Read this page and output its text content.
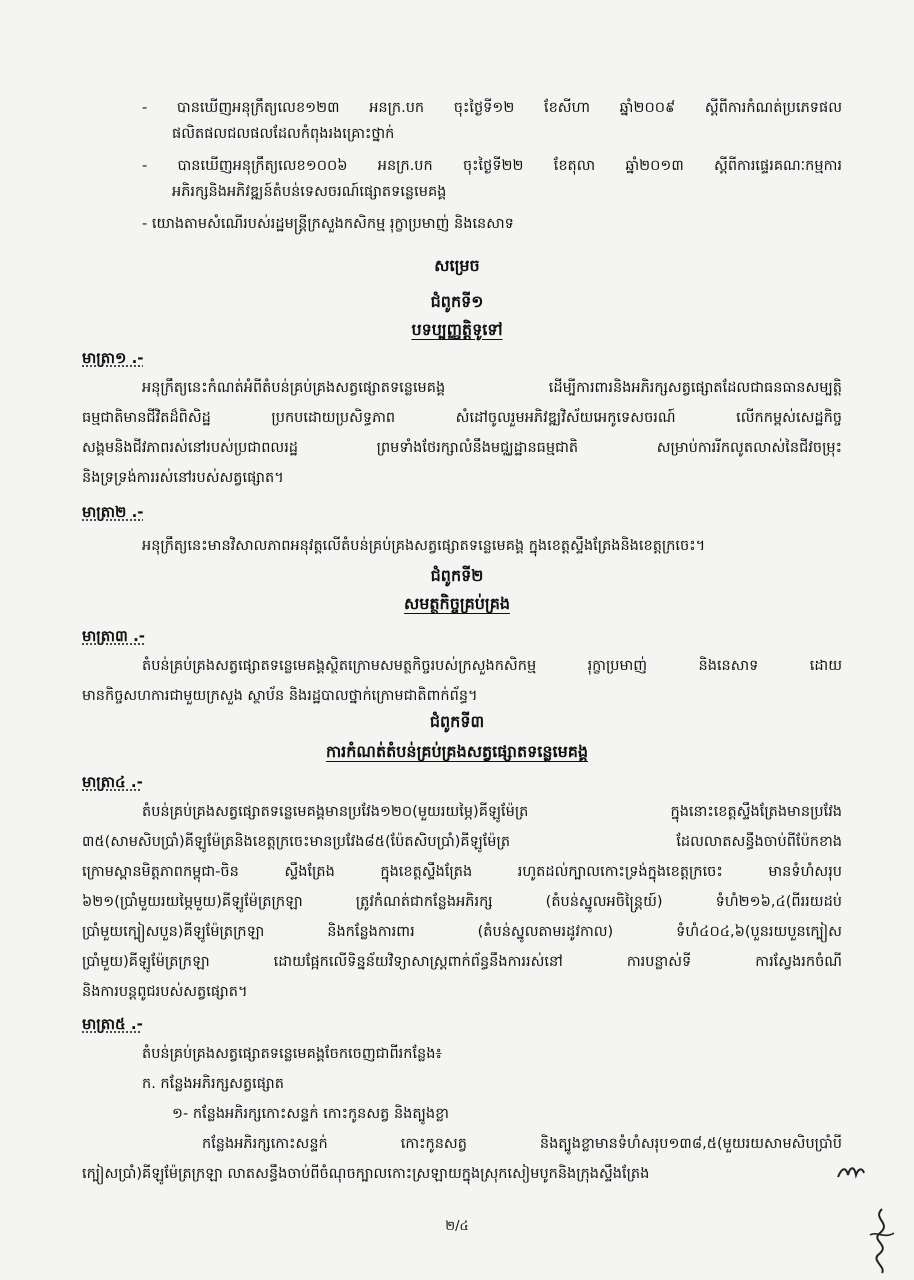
- បានឃើញអនុក្រឹត្យលេខ១២៣ អនក្រ.បក ចុះថ្ងៃទី១២ ខែសីហា ឆ្នាំ២០០៩ ស្ដីពីការកំណត់ប្រភេទផល
ផលិតផលជលផលដែលកំពុងរងគ្រោះថ្នាក់
- បានឃើញអនុក្រឹត្យលេខ១០០៦ អនក្រ.បក ចុះថ្ងៃទី២២ ខែតុលា ឆ្នាំ២០១៣ ស្ដីពីការផ្ទេរគណៈកម្មការ
អភិរក្សនិងអភិវឌ្ឍន៍តំបន់ទេសចរណ៍ផ្សោតទន្លេមេគង្គ
- យោងតាមសំណើរបស់រដ្ឋមន្ត្រីក្រសួងកសិកម្ម រុក្ខាប្រមាញ់ និងនេសាទ
សម្រេច
ជំពូកទី១
បទប្បញ្ញត្តិទូទៅ
មាត្រា១ .-
អនុក្រឹត្យនេះកំណត់អំពីតំបន់គ្រប់គ្រងសត្វផ្សោតទន្លេមេគង្គ ដើម្បីការពារនិងអភិរក្សសត្វផ្សោតដែលជាធនធានសម្បត្តិ
ធម្មជាតិមានជីវិតដ៏ពិសិដ្ឋ ប្រកបដោយប្រសិទ្ធភាព សំដៅចូលរួមអភិវឌ្ឍវិស័យអេកូទេសចរណ៍ លើកកម្ពស់សេដ្ឋកិច្ច
សង្គមនិងជីវភាពរស់នៅរបស់ប្រជាពលរដ្ឋ ព្រមទាំងថែរក្សាលំនឹងមជ្ឈដ្ឋានធម្មជាតិ សម្រាប់ការរីកលូតលាស់នៃជីវចម្រុះ
និងទ្រទ្រង់ការរស់នៅរបស់សត្វផ្សោត។
មាត្រា២ .-
អនុក្រឹត្យនេះមានវិសាលភាពអនុវត្តលើតំបន់គ្រប់គ្រងសត្វផ្សោតទន្លេមេគង្គ ក្នុងខេត្តស្ទឹងត្រែងនិងខេត្តក្រចេះ។
ជំពូកទី២
សមត្ថកិច្ចគ្រប់គ្រង
មាត្រា៣ .-
តំបន់គ្រប់គ្រងសត្វផ្សោតទន្លេមេគង្គស្ថិតក្រោមសមត្ថកិច្ចរបស់ក្រសួងកសិកម្ម រុក្ខាប្រមាញ់ និងនេសាទ ដោយ
មានកិច្ចសហការជាមួយក្រសួង ស្ថាប័ន និងរដ្ឋបាលថ្នាក់ក្រោមជាតិពាក់ព័ន្ធ។
ជំពូកទី៣
ការកំណត់តំបន់គ្រប់គ្រងសត្វផ្សោតទន្លេមេគង្គ
មាត្រា៤ .-
តំបន់គ្រប់គ្រងសត្វផ្សោតទន្លេមេគង្គមានប្រវែង១២០(មួយរយម្ភៃ)គីឡូម៉ែត្រ ក្នុងនោះខេត្តស្ទឹងត្រែងមានប្រវែង
៣៥(សាមសិបប្រាំ)គីឡូម៉ែត្រនិងខេត្តក្រចេះមានប្រវែង៨៥(ប៉ែតសិបប្រាំ)គីឡូម៉ែត្រ ដែលលាតសន្ធឹងចាប់ពីប៉ែកខាង
ក្រោមស្ពានមិត្តភាពកម្ពុជា-ចិន ស្ទឹងត្រែង ក្នុងខេត្តស្ទឹងត្រែង រហូតដល់ក្បាលកោះទ្រង់ក្នុងខេត្តក្រចេះ មានទំហំសរុប
៦២១(ប្រាំមួយរយម្ភៃមួយ)គីឡូម៉ែត្រក្រឡា ត្រូវកំណត់ជាកន្លែងអភិរក្ស (តំបន់ស្នូលអចិន្ត្រៃយ៍) ទំហំ២១៦,៤(ពីររយដប់
ប្រាំមួយក្បៀសបួន)គីឡូម៉ែត្រក្រឡា និងកន្លែងការពារ (តំបន់ស្នូលតាមរដូវកាល) ទំហំ៤០៤,៦(បួនរយបួនក្បៀស
ប្រាំមួយ)គីឡូម៉ែត្រក្រឡា ដោយផ្អែកលើទិន្នន័យវិទ្យាសាស្ត្រពាក់ព័ន្ធនឹងការរស់នៅ ការបន្លាស់ទី ការស្វែងរកចំណី
និងការបន្តពូជរបស់សត្វផ្សោត។
មាត្រា៥ .-
តំបន់គ្រប់គ្រងសត្វផ្សោតទន្លេមេគង្គចែកចេញជាពីរកន្លែង៖
ក. កន្លែងអភិរក្សសត្វផ្សោត
១- កន្លែងអភិរក្សកោះសន្ទក់ កោះកូនសត្វ និងត្បូងខ្លា
កន្លែងអភិរក្សកោះសន្ទក់ កោះកូនសត្វ និងត្បូងខ្លាមានទំហំសរុប១៣៨,៥(មួយរយសាមសិបប្រាំបី
ក្បៀសប្រាំ)គីឡូម៉ែត្រក្រឡា លាតសន្ធឹងចាប់ពីចំណុចក្បាលកោះស្រឡាយក្នុងស្រុកសៀមបូកនិងក្រុងស្ទឹងត្រែង
២/៤
